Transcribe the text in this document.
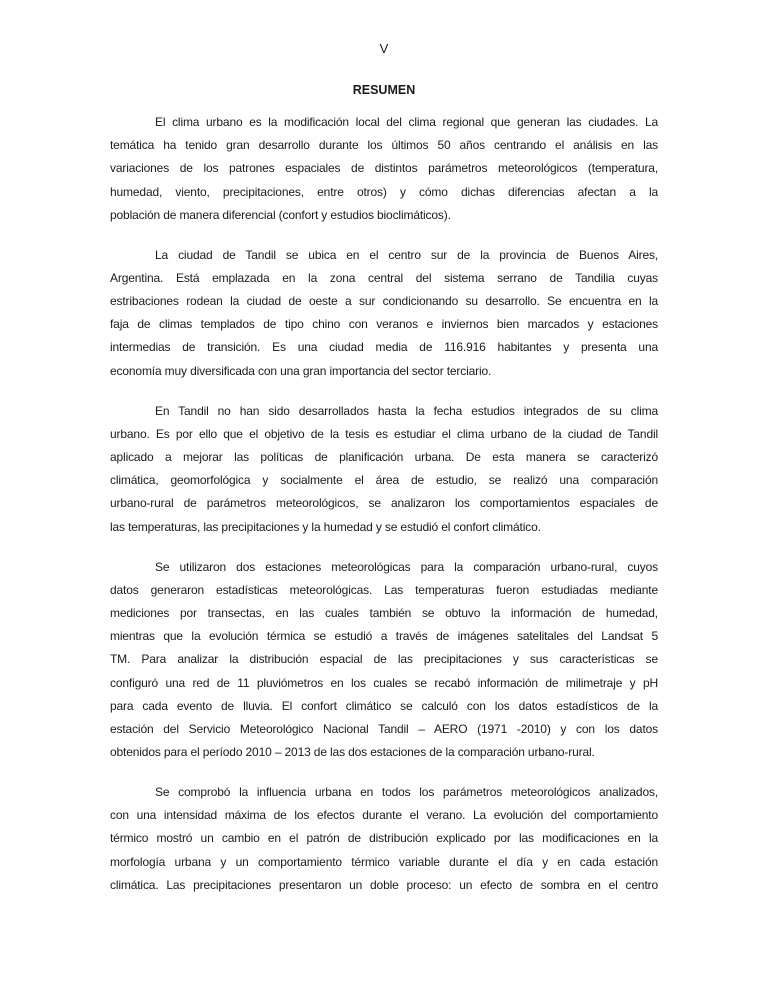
V
RESUMEN
El clima urbano es la modificación local del clima regional que generan las ciudades. La
temática ha tenido gran desarrollo durante los últimos 50 años centrando el análisis en las
variaciones de los patrones espaciales de distintos parámetros meteorológicos (temperatura,
humedad, viento, precipitaciones, entre otros) y cómo dichas diferencias afectan a la
población de manera diferencial (confort y estudios bioclimáticos).
La ciudad de Tandil se ubica en el centro sur de la provincia de Buenos Aires,
Argentina. Está emplazada en la zona central del sistema serrano de Tandilia cuyas
estribaciones rodean la ciudad de oeste a sur condicionando su desarrollo. Se encuentra en la
faja de climas templados de tipo chino con veranos e inviernos bien marcados y estaciones
intermedias de transición. Es una ciudad media de 116.916 habitantes y presenta una
economía muy diversificada con una gran importancia del sector terciario.
En Tandil no han sido desarrollados hasta la fecha estudios integrados de su clima
urbano. Es por ello que el objetivo de la tesis es estudiar el clima urbano de la ciudad de Tandil
aplicado a mejorar las políticas de planificación urbana. De esta manera se caracterizó
climática, geomorfológica y socialmente el área de estudio, se realizó una comparación
urbano-rural de parámetros meteorológicos, se analizaron los comportamientos espaciales de
las temperaturas, las precipitaciones y la humedad y se estudió el confort climático.
Se utilizaron dos estaciones meteorológicas para la comparación urbano-rural, cuyos
datos generaron estadísticas meteorológicas. Las temperaturas fueron estudiadas mediante
mediciones por transectas, en las cuales también se obtuvo la información de humedad,
mientras que la evolución térmica se estudió a través de imágenes satelitales del Landsat 5
TM. Para analizar la distribución espacial de las precipitaciones y sus características se
configuró una red de 11 pluviómetros en los cuales se recabó información de milimetraje y pH
para cada evento de lluvia. El confort climático se calculó con los datos estadísticos de la
estación del Servicio Meteorológico Nacional Tandil – AERO (1971 -2010) y con los datos
obtenidos para el período 2010 – 2013 de las dos estaciones de la comparación urbano-rural.
Se comprobó la influencia urbana en todos los parámetros meteorológicos analizados,
con una intensidad máxima de los efectos durante el verano. La evolución del comportamiento
térmico mostró un cambio en el patrón de distribución explicado por las modificaciones en la
morfología urbana y un comportamiento térmico variable durante el día y en cada estación
climática. Las precipitaciones presentaron un doble proceso: un efecto de sombra en el centro
